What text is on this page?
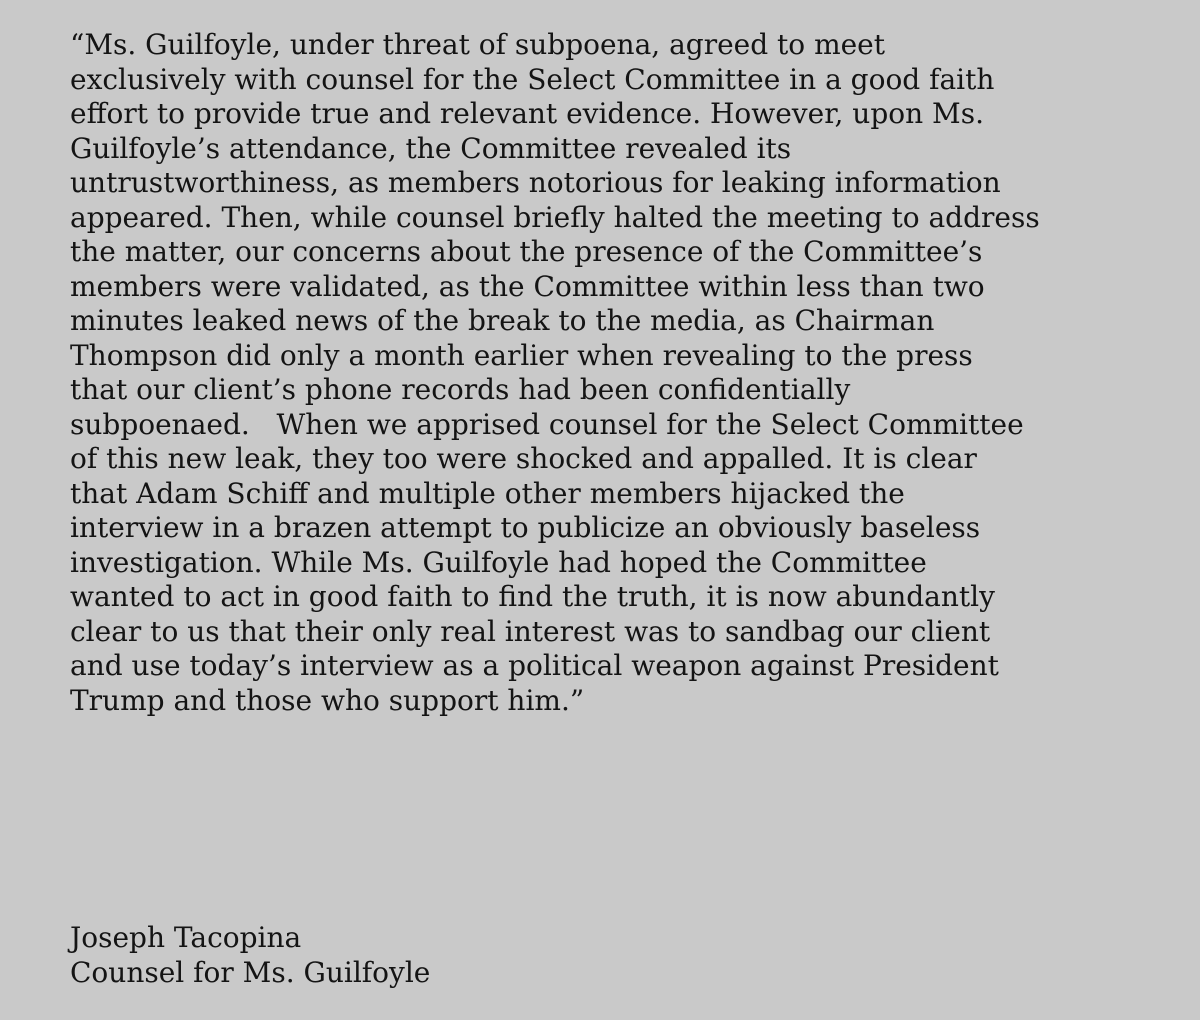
“Ms. Guilfoyle, under threat of subpoena, agreed to meet
exclusively with counsel for the Select Committee in a good faith
effort to provide true and relevant evidence. However, upon Ms.
Guilfoyle’s attendance, the Committee revealed its
untrustworthiness, as members notorious for leaking information
appeared. Then, while counsel briefly halted the meeting to address
the matter, our concerns about the presence of the Committee’s
members were validated, as the Committee within less than two
minutes leaked news of the break to the media, as Chairman
Thompson did only a month earlier when revealing to the press
that our client’s phone records had been confidentially
subpoenaed.   When we apprised counsel for the Select Committee
of this new leak, they too were shocked and appalled. It is clear
that Adam Schiff and multiple other members hijacked the
interview in a brazen attempt to publicize an obviously baseless
investigation. While Ms. Guilfoyle had hoped the Committee
wanted to act in good faith to find the truth, it is now abundantly
clear to us that their only real interest was to sandbag our client
and use today’s interview as a political weapon against President
Trump and those who support him.”
Joseph Tacopina
Counsel for Ms. Guilfoyle
